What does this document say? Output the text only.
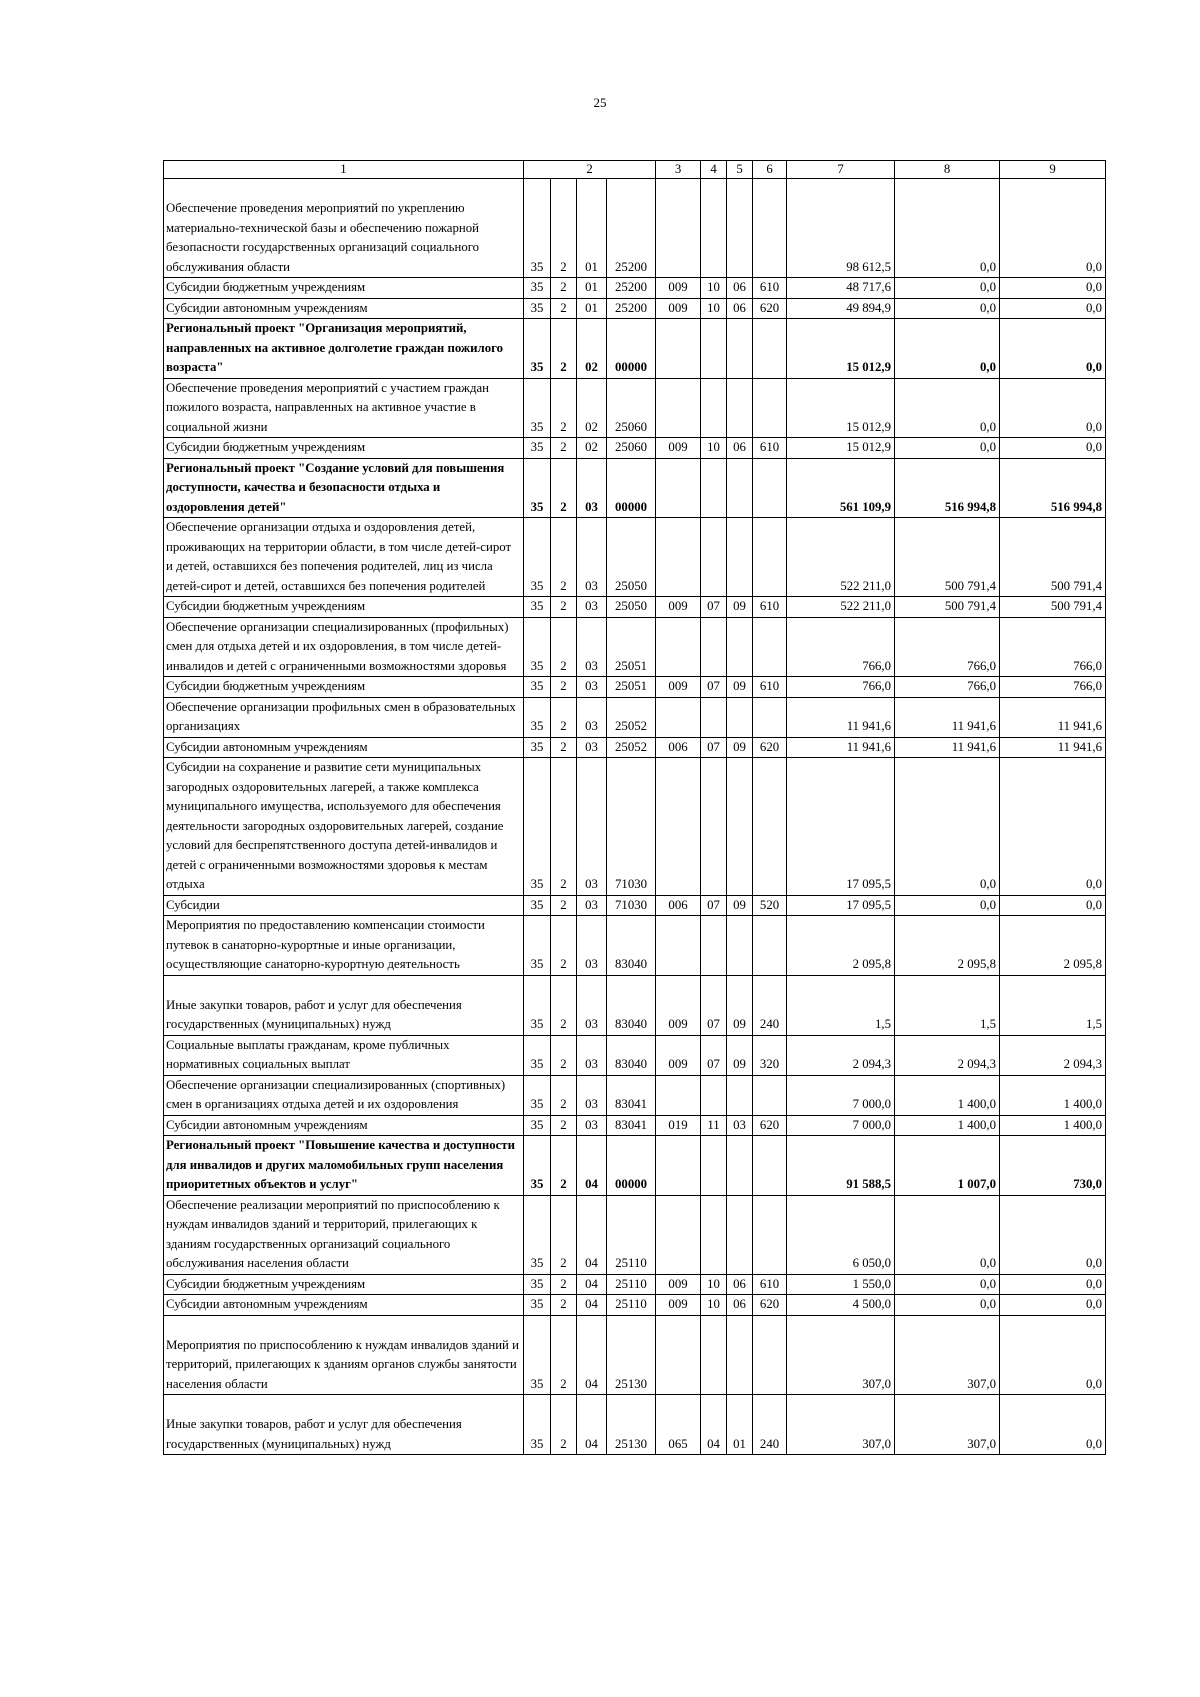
25
1	2				3	4	5	6	7	8	9
Обеспечение проведения мероприятий по укреплению материально-технической базы и обеспечению пожарной безопасности государственных организаций социального обслуживания области	35	2	01	25200					98 612,5	0,0	0,0
Субсидии бюджетным учреждениям	35	2	01	25200	009	10	06	610	48 717,6	0,0	0,0
Субсидии автономным учреждениям	35	2	01	25200	009	10	06	620	49 894,9	0,0	0,0
Региональный проект "Организация мероприятий, направленных на активное долголетие граждан пожилого возраста"	35	2	02	00000					15 012,9	0,0	0,0
Обеспечение проведения мероприятий с участием граждан пожилого возраста, направленных на активное участие в социальной жизни	35	2	02	25060					15 012,9	0,0	0,0
Субсидии бюджетным учреждениям	35	2	02	25060	009	10	06	610	15 012,9	0,0	0,0
Региональный проект "Создание условий для повышения доступности, качества и безопасности отдыха и оздоровления детей"	35	2	03	00000					561 109,9	516 994,8	516 994,8
Обеспечение организации отдыха и оздоровления детей, проживающих на территории области, в том числе детей-сирот и детей, оставшихся без попечения родителей, лиц из числа детей-сирот и детей, оставшихся без попечения родителей	35	2	03	25050					522 211,0	500 791,4	500 791,4
Субсидии бюджетным учреждениям	35	2	03	25050	009	07	09	610	522 211,0	500 791,4	500 791,4
Обеспечение организации специализированных (профильных) смен для отдыха детей и их оздоровления, в том числе детей-инвалидов и детей с ограниченными возможностями здоровья	35	2	03	25051					766,0	766,0	766,0
Субсидии бюджетным учреждениям	35	2	03	25051	009	07	09	610	766,0	766,0	766,0
Обеспечение организации профильных смен в образовательных организациях	35	2	03	25052					11 941,6	11 941,6	11 941,6
Субсидии автономным учреждениям	35	2	03	25052	006	07	09	620	11 941,6	11 941,6	11 941,6
Субсидии на сохранение и развитие сети муниципальных загородных оздоровительных лагерей, а также комплекса муниципального имущества, используемого для обеспечения деятельности загородных оздоровительных лагерей, создание условий для беспрепятственного доступа детей-инвалидов и детей с ограниченными возможностями здоровья к местам отдыха	35	2	03	71030					17 095,5	0,0	0,0
Субсидии	35	2	03	71030	006	07	09	520	17 095,5	0,0	0,0
Мероприятия по предоставлению компенсации стоимости путевок в санаторно-курортные и иные организации, осуществляющие санаторно-курортную деятельность	35	2	03	83040					2 095,8	2 095,8	2 095,8
Иные закупки товаров, работ и услуг для обеспечения государственных (муниципальных) нужд	35	2	03	83040	009	07	09	240	1,5	1,5	1,5
Социальные выплаты гражданам, кроме публичных нормативных социальных выплат	35	2	03	83040	009	07	09	320	2 094,3	2 094,3	2 094,3
Обеспечение организации специализированных (спортивных) смен в организациях отдыха детей и их оздоровления	35	2	03	83041					7 000,0	1 400,0	1 400,0
Субсидии автономным учреждениям	35	2	03	83041	019	11	03	620	7 000,0	1 400,0	1 400,0
Региональный проект "Повышение качества и доступности для инвалидов и других маломобильных групп населения приоритетных объектов и услуг"	35	2	04	00000					91 588,5	1 007,0	730,0
Обеспечение реализации мероприятий по приспособлению к нуждам инвалидов зданий и территорий, прилегающих к зданиям государственных организаций социального обслуживания населения области	35	2	04	25110					6 050,0	0,0	0,0
Субсидии бюджетным учреждениям	35	2	04	25110	009	10	06	610	1 550,0	0,0	0,0
Субсидии автономным учреждениям	35	2	04	25110	009	10	06	620	4 500,0	0,0	0,0
Мероприятия по приспособлению к нуждам инвалидов зданий и территорий, прилегающих к зданиям органов службы занятости населения области	35	2	04	25130					307,0	307,0	0,0
Иные закупки товаров, работ и услуг для обеспечения государственных (муниципальных) нужд	35	2	04	25130	065	04	01	240	307,0	307,0	0,0
